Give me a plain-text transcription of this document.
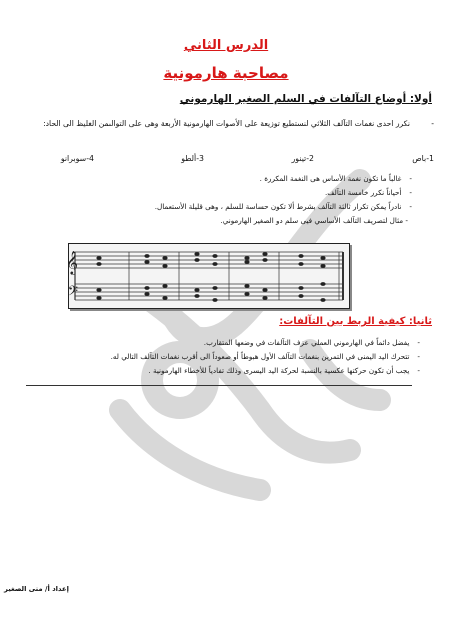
الدرس الثاني
مصاحبة هارمونية
أولا: أوضاع التآلفات في السلم الصغير الهارموني
-
نكرر احدى نغمات التآلف الثلاثي لنستطيع توزيعة على الأصوات الهارمونية الأربعة وهى على التوالىمن الغليظ الى الحاد:
1-باص
2-تينور
3-ألطو
4-سوبرانو
-غالباً ما تكون نغمة الأساس هى النغمة المكررة .
-أحياناً نكرر خامسة التآلف.
-نادراً يمكن تكرار ثالثة التآلف بشرط ألا تكون حساسة للسلم ، وهى قليلة الأستعمال.
- مثال لتصريف التآلف الأساسي فيى سلم دو الصغير الهارموني.
𝄞
𝄢
ثانيا: كيفية الربط بين التآلفات:
-يفضل دائماً في الهارموني العملي عزف التآلفات في وضعها المتقارب.
-تتحرك اليد اليمنى في التمرين بنغمات التآلف الأول هبوطاً أو صعوداً الى أقرب نغمات التآلف التالي له.
-يجب أن تكون حركتها عكسية بالنسبة لحركة اليد اليسرى وذلك تفادياً للأخطاء الهارمونية .
إعداد أ/ منى الصغير
